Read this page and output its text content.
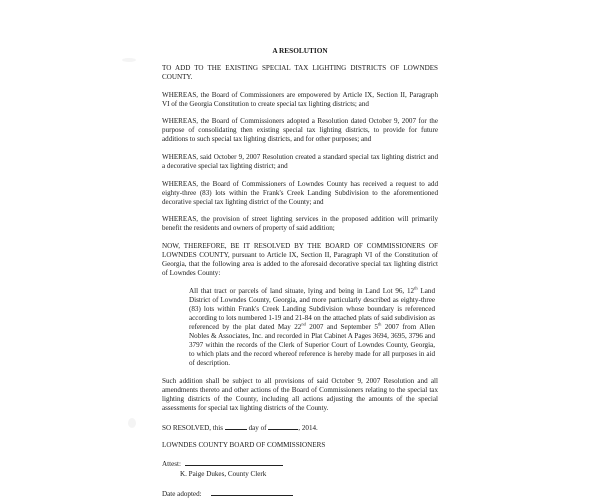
A RESOLUTION
TO ADD TO THE EXISTING SPECIAL TAX LIGHTING DISTRICTS OF LOWNDES COUNTY.
WHEREAS, the Board of Commissioners are empowered by Article IX, Section II, Paragraph VI of the Georgia Constitution to create special tax lighting districts; and
WHEREAS, the Board of Commissioners adopted a Resolution dated October 9, 2007 for the purpose of consolidating then existing special tax lighting districts, to provide for future additions to such special tax lighting districts, and for other purposes; and
WHEREAS, said October 9, 2007 Resolution created a standard special tax lighting district and a decorative special tax lighting district; and
WHEREAS, the Board of Commissioners of Lowndes County has received a request to add eighty-three (83) lots within the Frank's Creek Landing Subdivision to the aforementioned decorative special tax lighting district of the County; and
WHEREAS, the provision of street lighting services in the proposed addition will primarily benefit the residents and owners of property of said addition;
NOW, THEREFORE, BE IT RESOLVED BY THE BOARD OF COMMISSIONERS OF LOWNDES COUNTY, pursuant to Article IX, Section II, Paragraph VI of the Constitution of Georgia, that the following area is added to the aforesaid decorative special tax lighting district of Lowndes County:
All that tract or parcels of land situate, lying and being in Land Lot 96, 12th Land District of Lowndes County, Georgia, and more particularly described as eighty-three (83) lots within Frank's Creek Landing Subdivision whose boundary is referenced according to lots numbered 1-19 and 21-84 on the attached plats of said subdivision as referenced by the plat dated May 22nd 2007 and September 5th 2007 from Allen Nobles & Associates, Inc. and recorded in Plat Cabinet A Pages 3694, 3695, 3796 and 3797 within the records of the Clerk of Superior Court of Lowndes County, Georgia, to which plats and the record whereof reference is hereby made for all purposes in aid of description.
Such addition shall be subject to all provisions of said October 9, 2007 Resolution and all amendments thereto and other actions of the Board of Commissioners relating to the special tax lighting districts of the County, including all actions adjusting the amounts of the special assessments for special tax lighting districts of the County.
SO RESOLVED, this	day of	, 2014.
LOWNDES COUNTY BOARD OF COMMISSIONERS
Attest:
K. Paige Dukes, County Clerk
Date adopted:
